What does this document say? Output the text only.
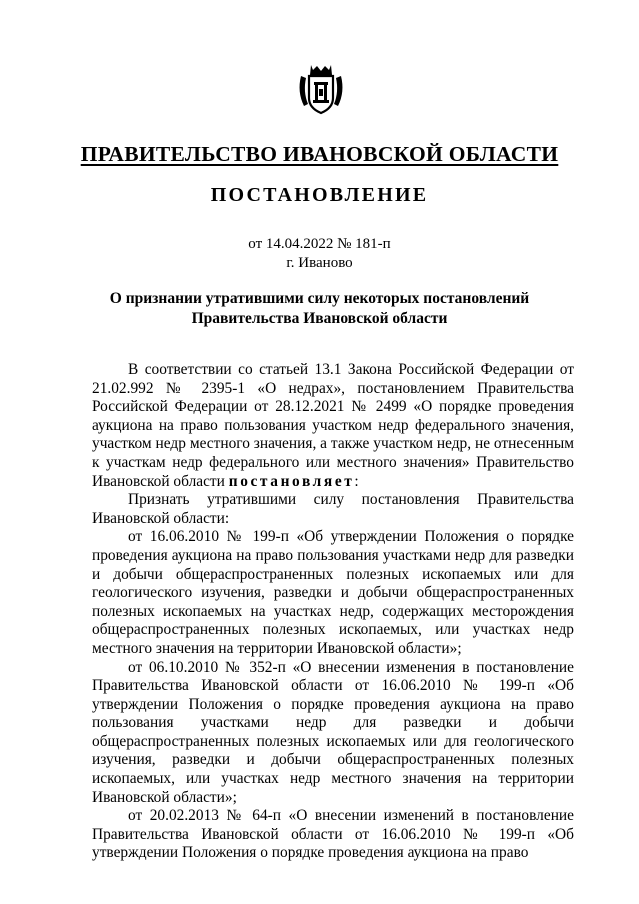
ПРАВИТЕЛЬСТВО ИВАНОВСКОЙ ОБЛАСТИ
ПОСТАНОВЛЕНИЕ
от 14.04.2022 № 181-п
г. Иваново
О признании утратившими силу некоторых постановлений
Правительства Ивановской области

В соответствии со статьей 13.1 Закона Российской Федерации от 21.02.992 № 2395-1 «О недрах», постановлением Правительства Российской Федерации от 28.12.2021 № 2499 «О порядке проведения аукциона на право пользования участком недр федерального значения, участком недр местного значения, а также участком недр, не отнесенным к участкам недр федерального или местного значения» Правительство Ивановской области постановляет:

Признать утратившими силу постановления Правительства Ивановской области:

от 16.06.2010 № 199-п «Об утверждении Положения о порядке проведения аукциона на право пользования участками недр для разведки и добычи общераспространенных полезных ископаемых или для геологического изучения, разведки и добычи общераспространенных полезных ископаемых на участках недр, содержащих месторождения общераспространенных полезных ископаемых, или участках недр местного значения на территории Ивановской области»;

от 06.10.2010 № 352-п «О внесении изменения в постановление Правительства Ивановской области от 16.06.2010 № 199-п «Об утверждении Положения о порядке проведения аукциона на право пользования участками недр для разведки и добычи общераспространенных полезных ископаемых или для геологического изучения, разведки и добычи общераспространенных полезных ископаемых, или участках недр местного значения на территории Ивановской области»;

от 20.02.2013 № 64-п «О внесении изменений в постановление Правительства Ивановской области от 16.06.2010 № 199-п «Об утверждении Положения о порядке проведения аукциона на право
